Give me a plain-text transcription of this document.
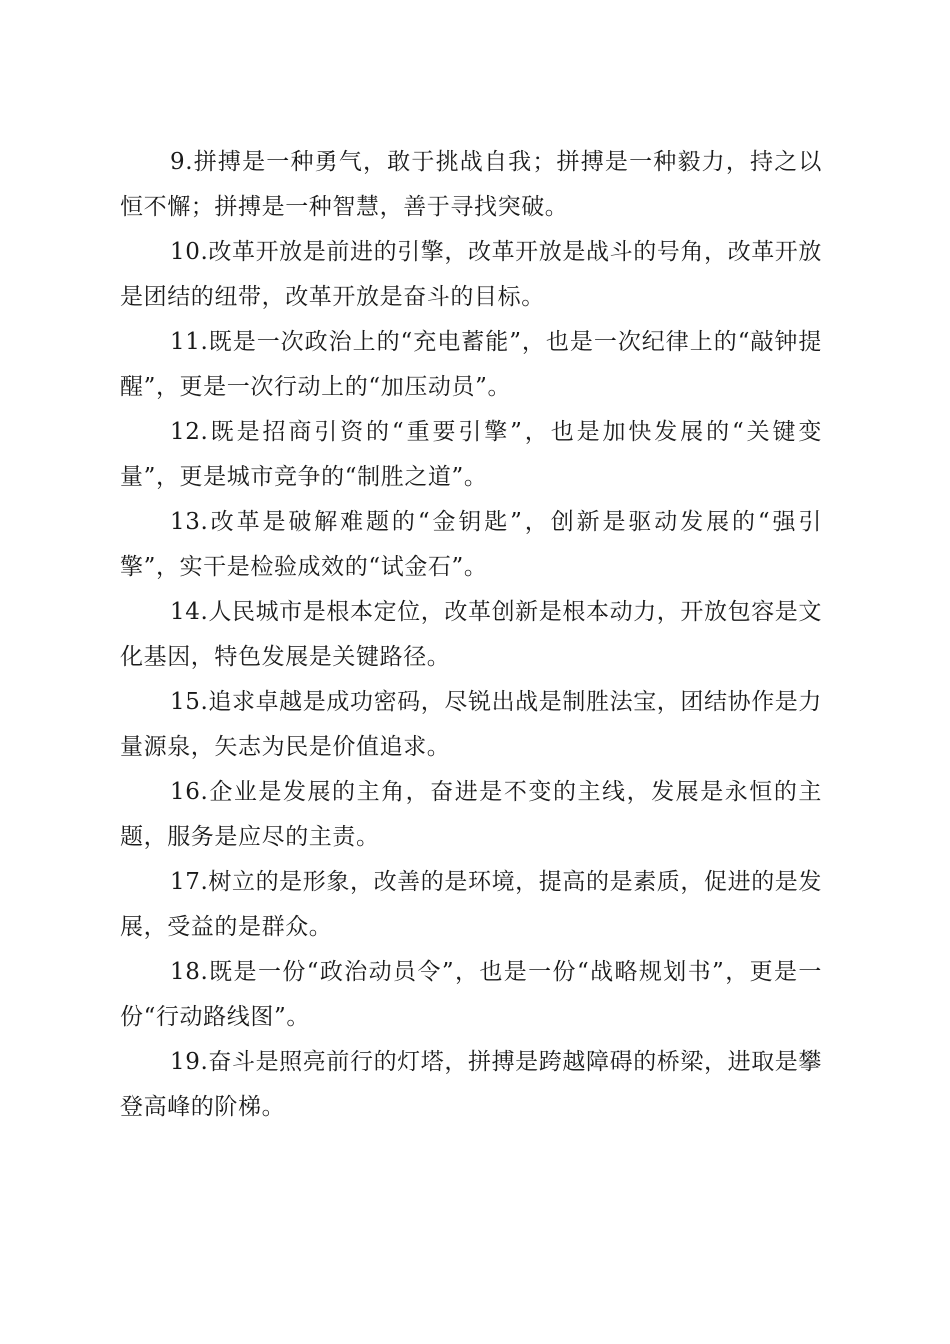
9.拼搏是一种勇气，敢于挑战自我；拼搏是一种毅力，持之以恒不懈；拼搏是一种智慧，善于寻找突破。

10.改革开放是前进的引擎，改革开放是战斗的号角，改革开放是团结的纽带，改革开放是奋斗的目标。

11.既是一次政治上的“充电蓄能”，也是一次纪律上的“敲钟提醒”，更是一次行动上的“加压动员”。

12.既是招商引资的“重要引擎”，也是加快发展的“关键变量”，更是城市竞争的“制胜之道”。

13.改革是破解难题的“金钥匙”，创新是驱动发展的“强引擎”，实干是检验成效的“试金石”。

14.人民城市是根本定位，改革创新是根本动力，开放包容是文化基因，特色发展是关键路径。

15.追求卓越是成功密码，尽锐出战是制胜法宝，团结协作是力量源泉，矢志为民是价值追求。

16.企业是发展的主角，奋进是不变的主线，发展是永恒的主题，服务是应尽的主责。

17.树立的是形象，改善的是环境，提高的是素质，促进的是发展，受益的是群众。

18.既是一份“政治动员令”，也是一份“战略规划书”，更是一份“行动路线图”。

19.奋斗是照亮前行的灯塔，拼搏是跨越障碍的桥梁，进取是攀登高峰的阶梯。
